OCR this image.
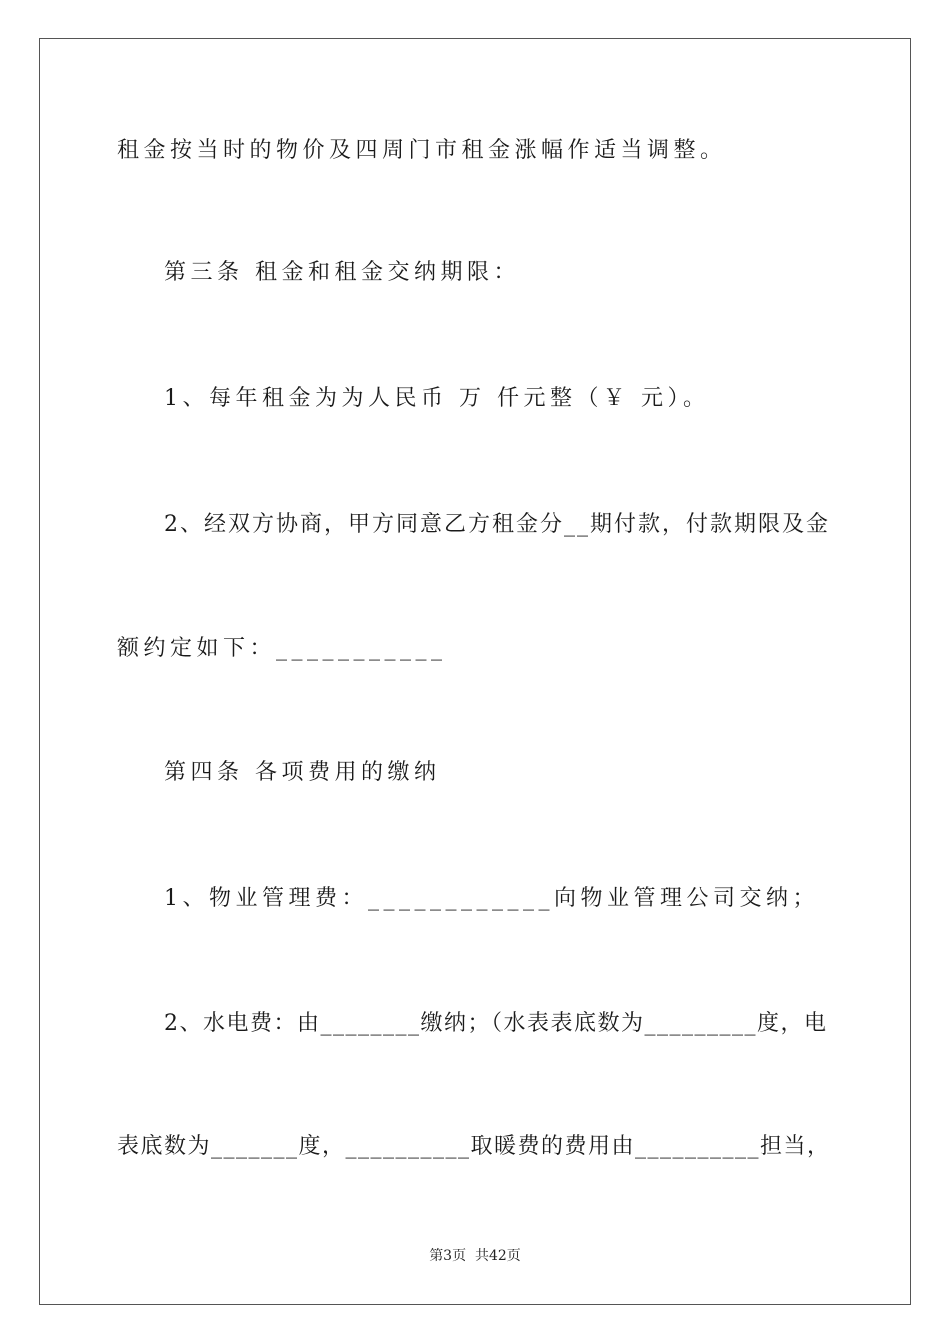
租金按当时的物价及四周门市租金涨幅作适当调整。
第三条 租金和租金交纳期限：
1、每年租金为为人民币 万 仟元整（￥ 元）。
2、经双方协商，甲方同意乙方租金分__期付款，付款期限及金
额约定如下：___________
第四条 各项费用的缴纳
1、物业管理费：____________向物业管理公司交纳；
2、水电费：由________缴纳；（水表表底数为_________度，电
表底数为_______度，__________取暖费的费用由__________担当，
第3页  共42页
